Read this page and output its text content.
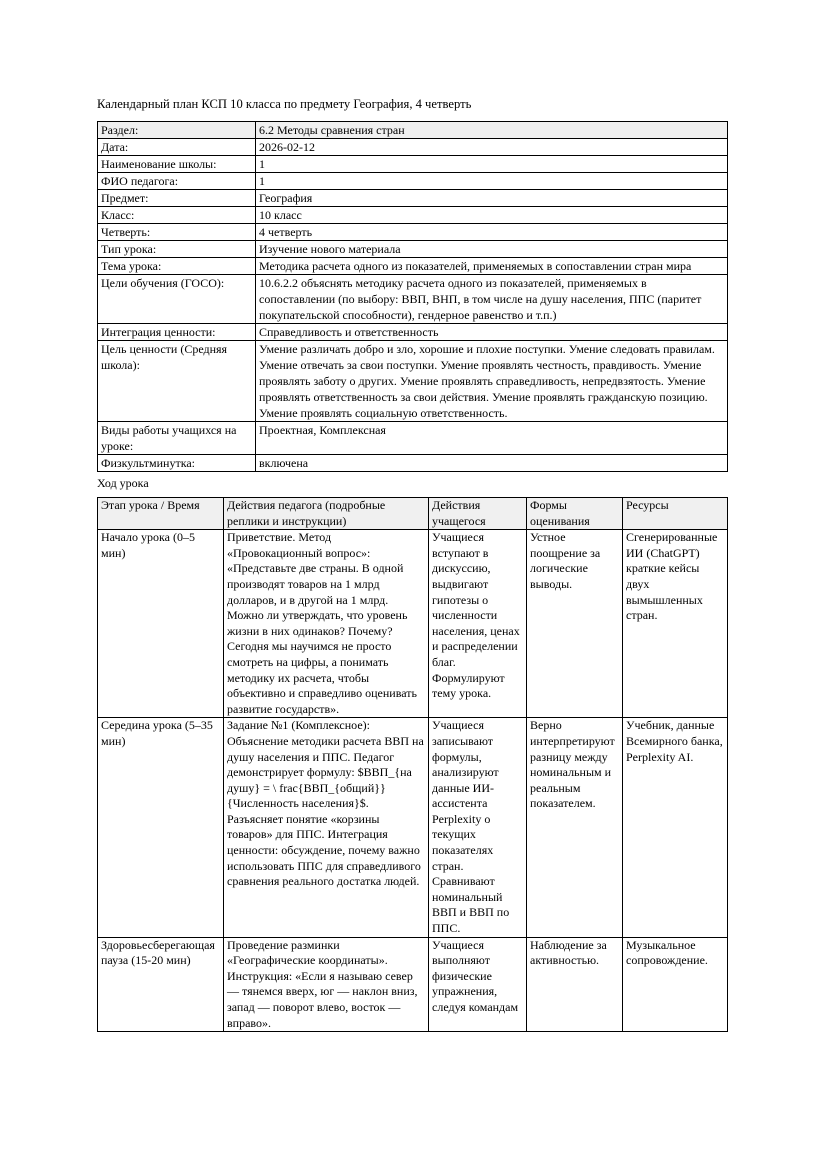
Календарный план КСП 10 класса по предмету География, 4 четверть

Раздел:	6.2 Методы сравнения стран
Дата:	2026-02-12
Наименование школы:	1
ФИО педагога:	1
Предмет:	География
Класс:	10 класс
Четверть:	4 четверть
Тип урока:	Изучение нового материала
Тема урока:	Методика расчета одного из показателей, применяемых в сопоставлении стран мира
Цели обучения (ГОСО):	10.6.2.2 объяснять методику расчета одного из показателей, применяемых в сопоставлении (по выбору: ВВП, ВНП, в том числе на душу населения, ППС (паритет покупательской способности), гендерное равенство и т.п.)
Интеграция ценности:	Справедливость и ответственность
Цель ценности (Средняя школа):	Умение различать добро и зло, хорошие и плохие поступки. Умение следовать правилам. Умение отвечать за свои поступки. Умение проявлять честность, правдивость. Умение проявлять заботу о других. Умение проявлять справедливость, непредвзятость. Умение проявлять ответственность за свои действия. Умение проявлять гражданскую позицию. Умение проявлять социальную ответственность.
Виды работы учащихся на уроке:	Проектная, Комплексная
Физкультминутка:	включена

Ход урока

Этап урока / Время	Действия педагога (подробные реплики и инструкции)	Действия учащегося	Формы оценивания	Ресурсы
Начало урока (0–5 мин)	Приветствие. Метод «Провокационный вопрос»: «Представьте две страны. В одной производят товаров на 1 млрд долларов, и в другой на 1 млрд. Можно ли утверждать, что уровень жизни в них одинаков? Почему? Сегодня мы научимся не просто смотреть на цифры, а понимать методику их расчета, чтобы объективно и справедливо оценивать развитие государств».	Учащиеся вступают в дискуссию, выдвигают гипотезы о численности населения, ценах и распределении благ. Формулируют тему урока.	Устное поощрение за логические выводы.	Сгенерированные ИИ (ChatGPT) краткие кейсы двух вымышленных стран.
Середина урока (5–35 мин)	Задание №1 (Комплексное): Объяснение методики расчета ВВП на душу населения и ППС. Педагог демонстрирует формулу: $ВВП_{на душу} = \ frac{ВВП_{общий}} {Численность населения}$. Разъясняет понятие «корзины товаров» для ППС. Интеграция ценности: обсуждение, почему важно использовать ППС для справедливого сравнения реального достатка людей.	Учащиеся записывают формулы, анализируют данные ИИ-ассистента Perplexity о текущих показателях стран. Сравнивают номинальный ВВП и ВВП по ППС.	Верно интерпретируют разницу между номинальным и реальным показателем.	Учебник, данные Всемирного банка, Perplexity AI.
Здоровьесберегающая пауза (15-20 мин)	Проведение разминки «Географические координаты». Инструкция: «Если я называю север — тянемся вверх, юг — наклон вниз, запад — поворот влево, восток — вправо».	Учащиеся выполняют физические упражнения, следуя командам	Наблюдение за активностью.	Музыкальное сопровождение.
